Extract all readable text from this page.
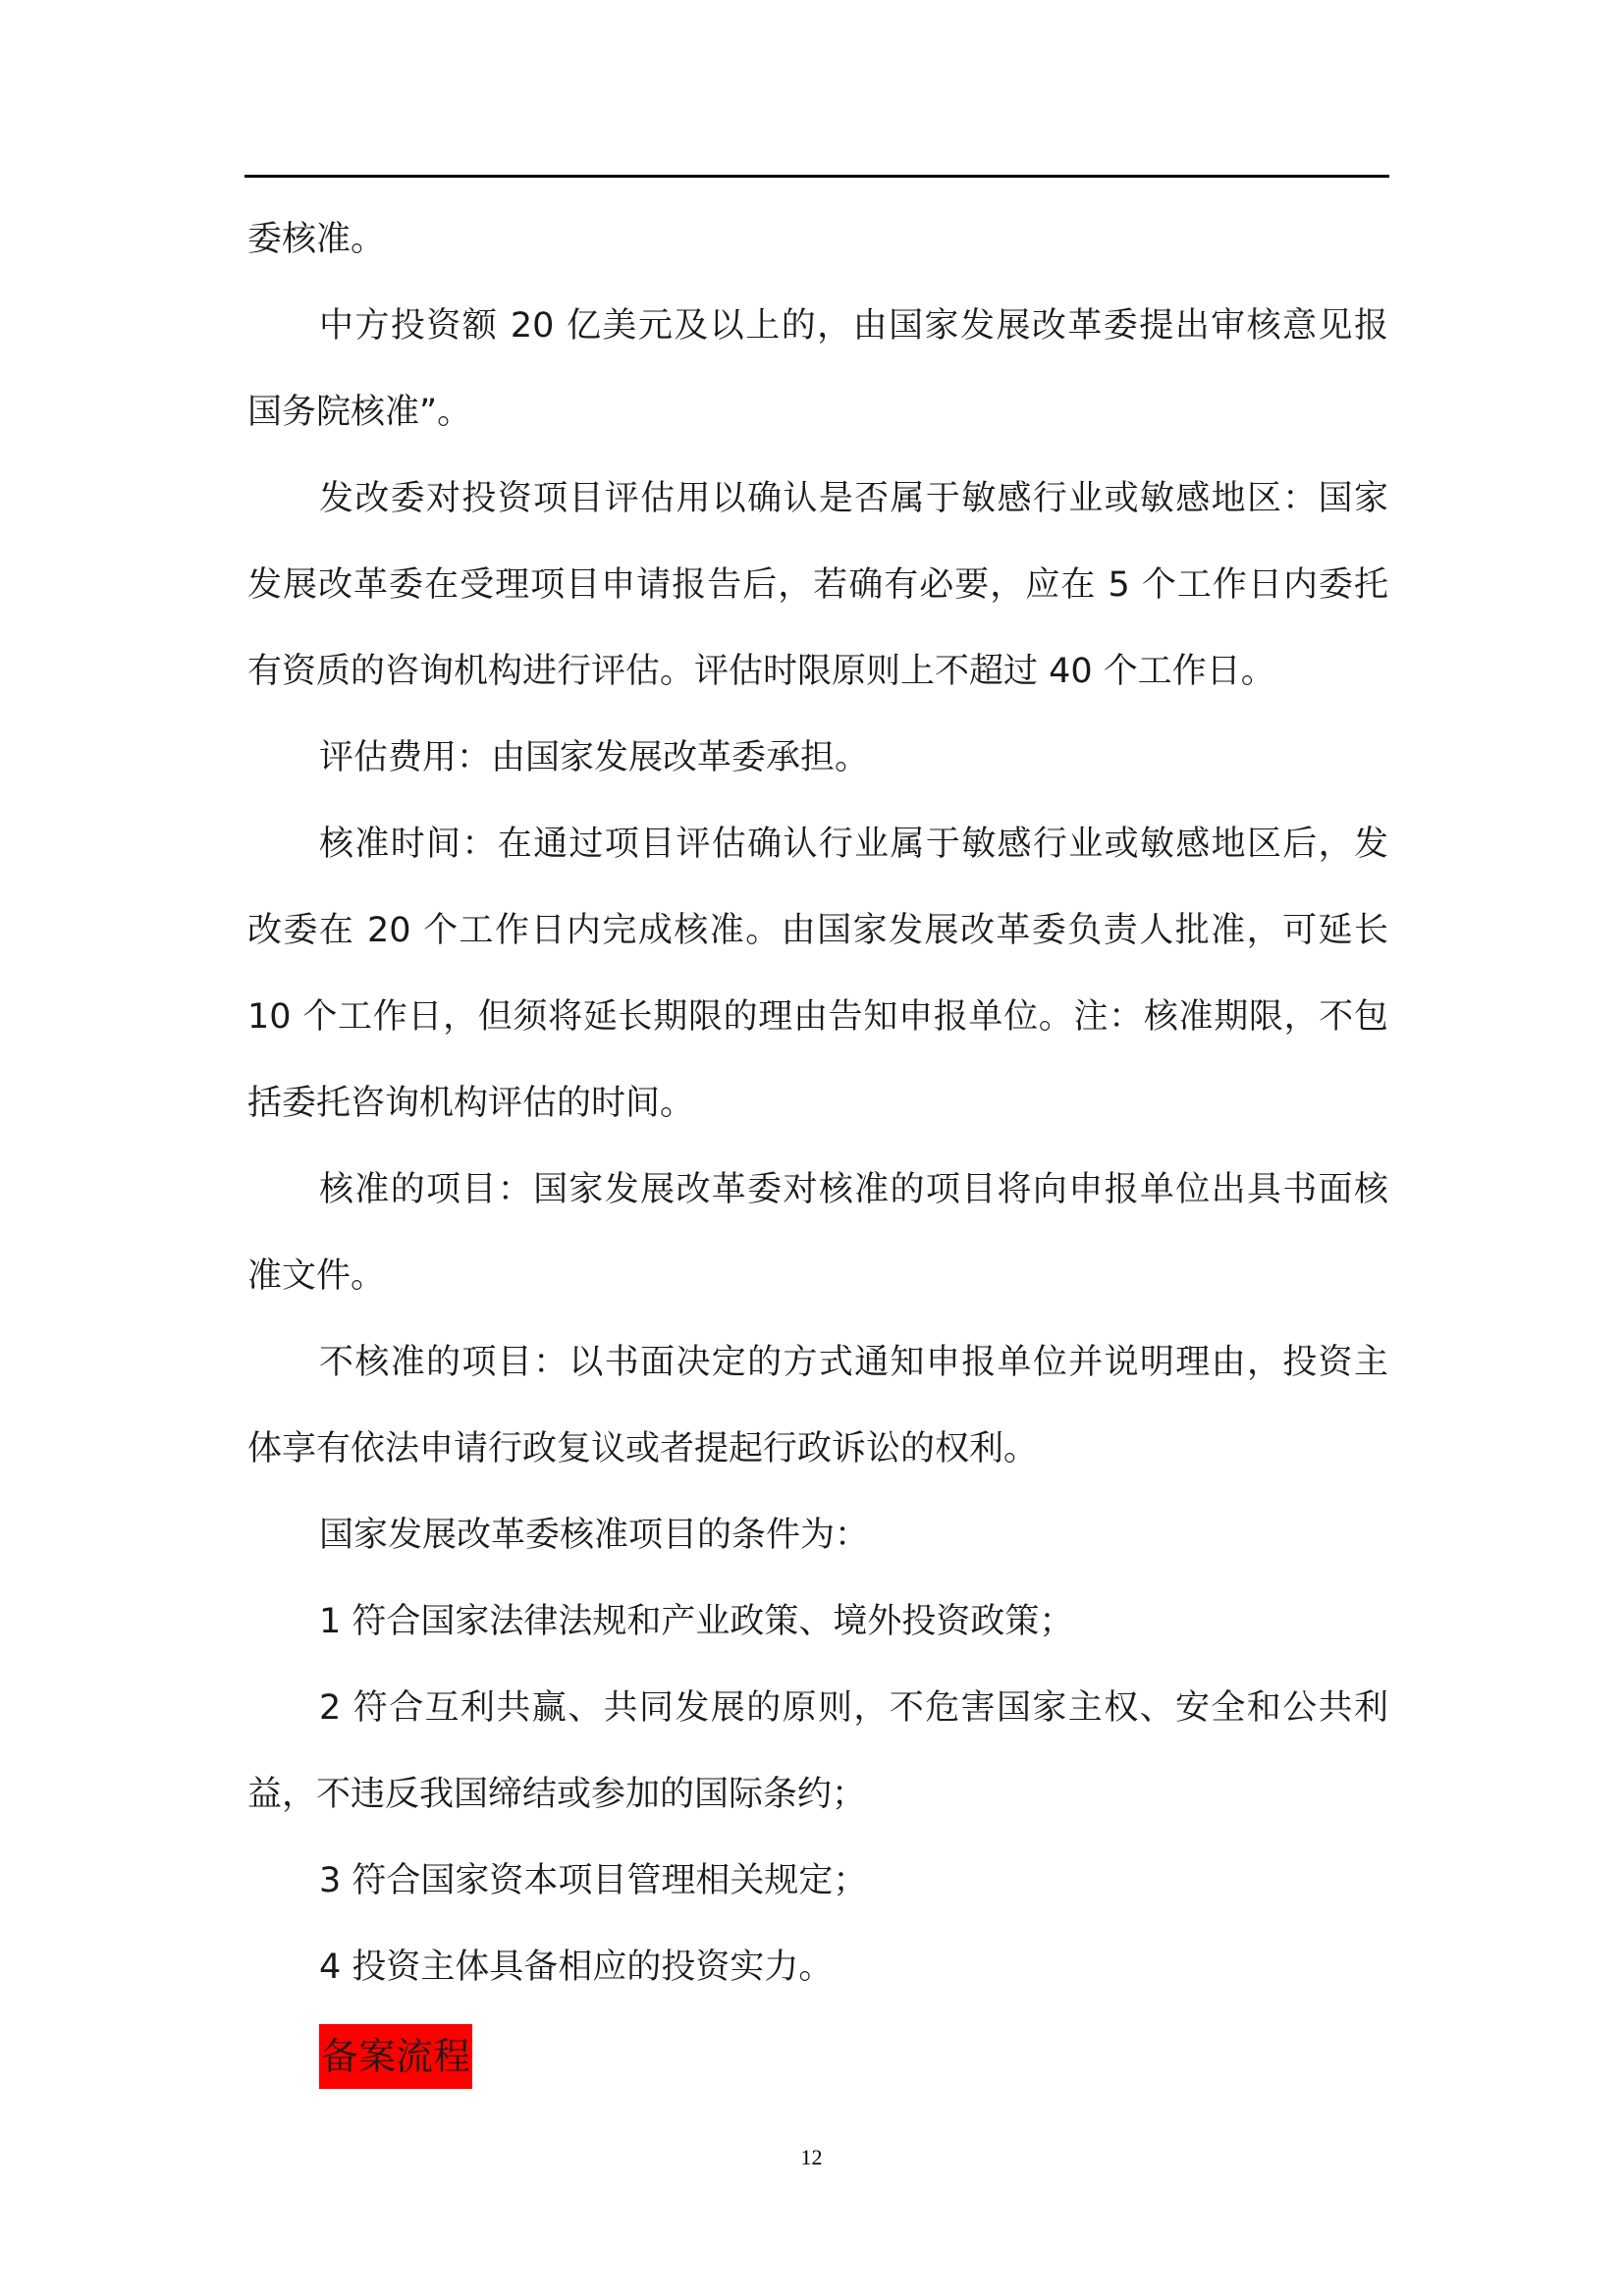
委核准。
中方投资额 20 亿美元及以上的，由国家发展改革委提出审核意见报
国务院核准”。
发改委对投资项目评估用以确认是否属于敏感行业或敏感地区：国家
发展改革委在受理项目申请报告后，若确有必要，应在 5 个工作日内委托
有资质的咨询机构进行评估。评估时限原则上不超过 40 个工作日。
评估费用：由国家发展改革委承担。
核准时间：在通过项目评估确认行业属于敏感行业或敏感地区后，发
改委在 20 个工作日内完成核准。由国家发展改革委负责人批准，可延长
10 个工作日，但须将延长期限的理由告知申报单位。注：核准期限，不包
括委托咨询机构评估的时间。
核准的项目：国家发展改革委对核准的项目将向申报单位出具书面核
准文件。
不核准的项目：以书面决定的方式通知申报单位并说明理由，投资主
体享有依法申请行政复议或者提起行政诉讼的权利。
国家发展改革委核准项目的条件为：
1 符合国家法律法规和产业政策、境外投资政策；
2 符合互利共赢、共同发展的原则，不危害国家主权、安全和公共利
益，不违反我国缔结或参加的国际条约；
3 符合国家资本项目管理相关规定；
4 投资主体具备相应的投资实力。
备案流程
12
